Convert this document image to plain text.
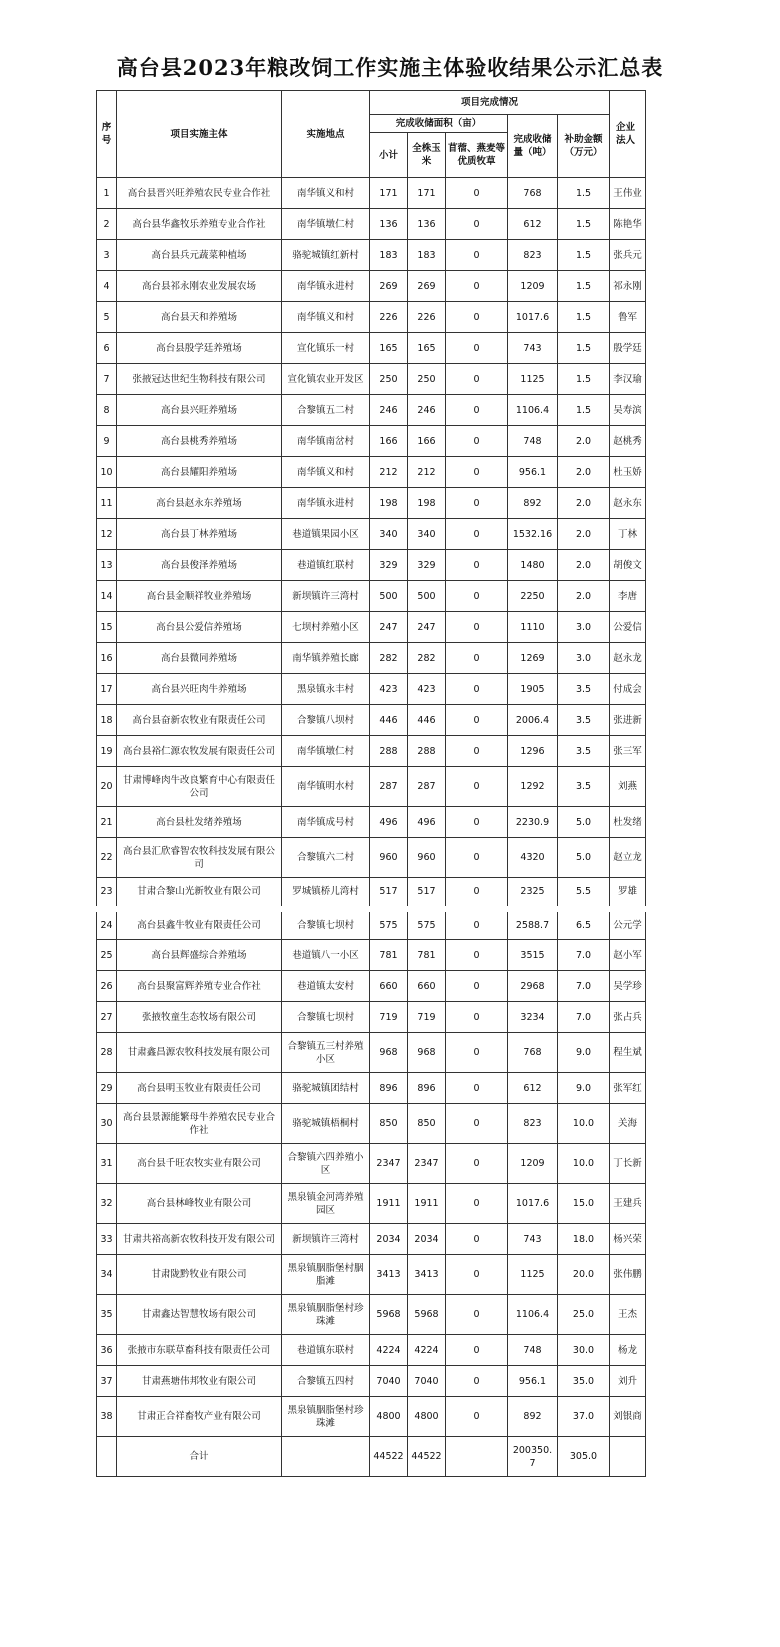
高台县2023年粮改饲工作实施主体验收结果公示汇总表
序号	项目实施主体	实施地点	项目完成情况					企业法人
			完成收储面积（亩）			完成收储量（吨）	补助金额（万元）	
			小计	全株玉米	苜蓿、燕麦等优质牧草			
1	高台县晋兴旺养殖农民专业合作社	南华镇义和村	171	171	0	768	1.5	王伟业
2	高台县华鑫牧乐养殖专业合作社	南华镇墩仁村	136	136	0	612	1.5	陈艳华
3	高台县兵元蔬菜种植场	骆驼城镇红新村	183	183	0	823	1.5	张兵元
4	高台县祁永刚农业发展农场	南华镇永进村	269	269	0	1209	1.5	祁永刚
5	高台县天和养殖场	南华镇义和村	226	226	0	1017.6	1.5	鲁军
6	高台县殷学廷养殖场	宣化镇乐一村	165	165	0	743	1.5	殷学廷
7	张掖冠达世纪生物科技有限公司	宣化镇农业开发区	250	250	0	1125	1.5	李汉瑜
8	高台县兴旺养殖场	合黎镇五二村	246	246	0	1106.4	1.5	吴寿滨
9	高台县桃秀养殖场	南华镇南岔村	166	166	0	748	2.0	赵桃秀
10	高台县耀阳养殖场	南华镇义和村	212	212	0	956.1	2.0	杜玉娇
11	高台县赵永东养殖场	南华镇永进村	198	198	0	892	2.0	赵永东
12	高台县丁林养殖场	巷道镇果园小区	340	340	0	1532.16	2.0	丁林
13	高台县俊泽养殖场	巷道镇红联村	329	329	0	1480	2.0	胡俊文
14	高台县金顺祥牧业养殖场	新坝镇许三湾村	500	500	0	2250	2.0	李唐
15	高台县公爱信养殖场	七坝村养殖小区	247	247	0	1110	3.0	公爱信
16	高台县微同养殖场	南华镇养殖长廊	282	282	0	1269	3.0	赵永龙
17	高台县兴旺肉牛养殖场	黑泉镇永丰村	423	423	0	1905	3.5	付成会
18	高台县奋新农牧业有限责任公司	合黎镇八坝村	446	446	0	2006.4	3.5	张进新
19	高台县裕仁源农牧发展有限责任公司	南华镇墩仁村	288	288	0	1296	3.5	张三军
20	甘肃博峰肉牛改良繁育中心有限责任公司	南华镇明水村	287	287	0	1292	3.5	刘燕
21	高台县杜发绪养殖场	南华镇成号村	496	496	0	2230.9	5.0	杜发绪
22	高台县汇欣睿智农牧科技发展有限公司	合黎镇六二村	960	960	0	4320	5.0	赵立龙
23	甘肃合黎山光新牧业有限公司	罗城镇桥儿湾村	517	517	0	2325	5.5	罗雄
24	高台县鑫牛牧业有限责任公司	合黎镇七坝村	575	575	0	2588.7	6.5	公元学
25	高台县辉盛综合养殖场	巷道镇八一小区	781	781	0	3515	7.0	赵小军
26	高台县聚富辉养殖专业合作社	巷道镇太安村	660	660	0	2968	7.0	吴学珍
27	张掖牧童生态牧场有限公司	合黎镇七坝村	719	719	0	3234	7.0	张占兵
28	甘肃鑫昌源农牧科技发展有限公司	合黎镇五三村养殖小区	968	968	0	768	9.0	程生斌
29	高台县明玉牧业有限责任公司	骆驼城镇团结村	896	896	0	612	9.0	张军红
30	高台县景源能繁母牛养殖农民专业合作社	骆驼城镇梧桐村	850	850	0	823	10.0	关海
31	高台县千旺农牧实业有限公司	合黎镇六四养殖小区	2347	2347	0	1209	10.0	丁长新
32	高台县林峰牧业有限公司	黑泉镇金河湾养殖园区	1911	1911	0	1017.6	15.0	王建兵
33	甘肃共裕高新农牧科技开发有限公司	新坝镇许三湾村	2034	2034	0	743	18.0	杨兴荣
34	甘肃陇黔牧业有限公司	黑泉镇胭脂堡村胭脂滩	3413	3413	0	1125	20.0	张伟鹏
35	甘肃鑫达智慧牧场有限公司	黑泉镇胭脂堡村珍珠滩	5968	5968	0	1106.4	25.0	王杰
36	张掖市东联草畜科技有限责任公司	巷道镇东联村	4224	4224	0	748	30.0	杨龙
37	甘肃燕塘伟邦牧业有限公司	合黎镇五四村	7040	7040	0	956.1	35.0	刘升
38	甘肃正合祥畜牧产业有限公司	黑泉镇胭脂堡村珍珠滩	4800	4800	0	892	37.0	刘银商
	合计		44522	44522		200350.7	305.0	
